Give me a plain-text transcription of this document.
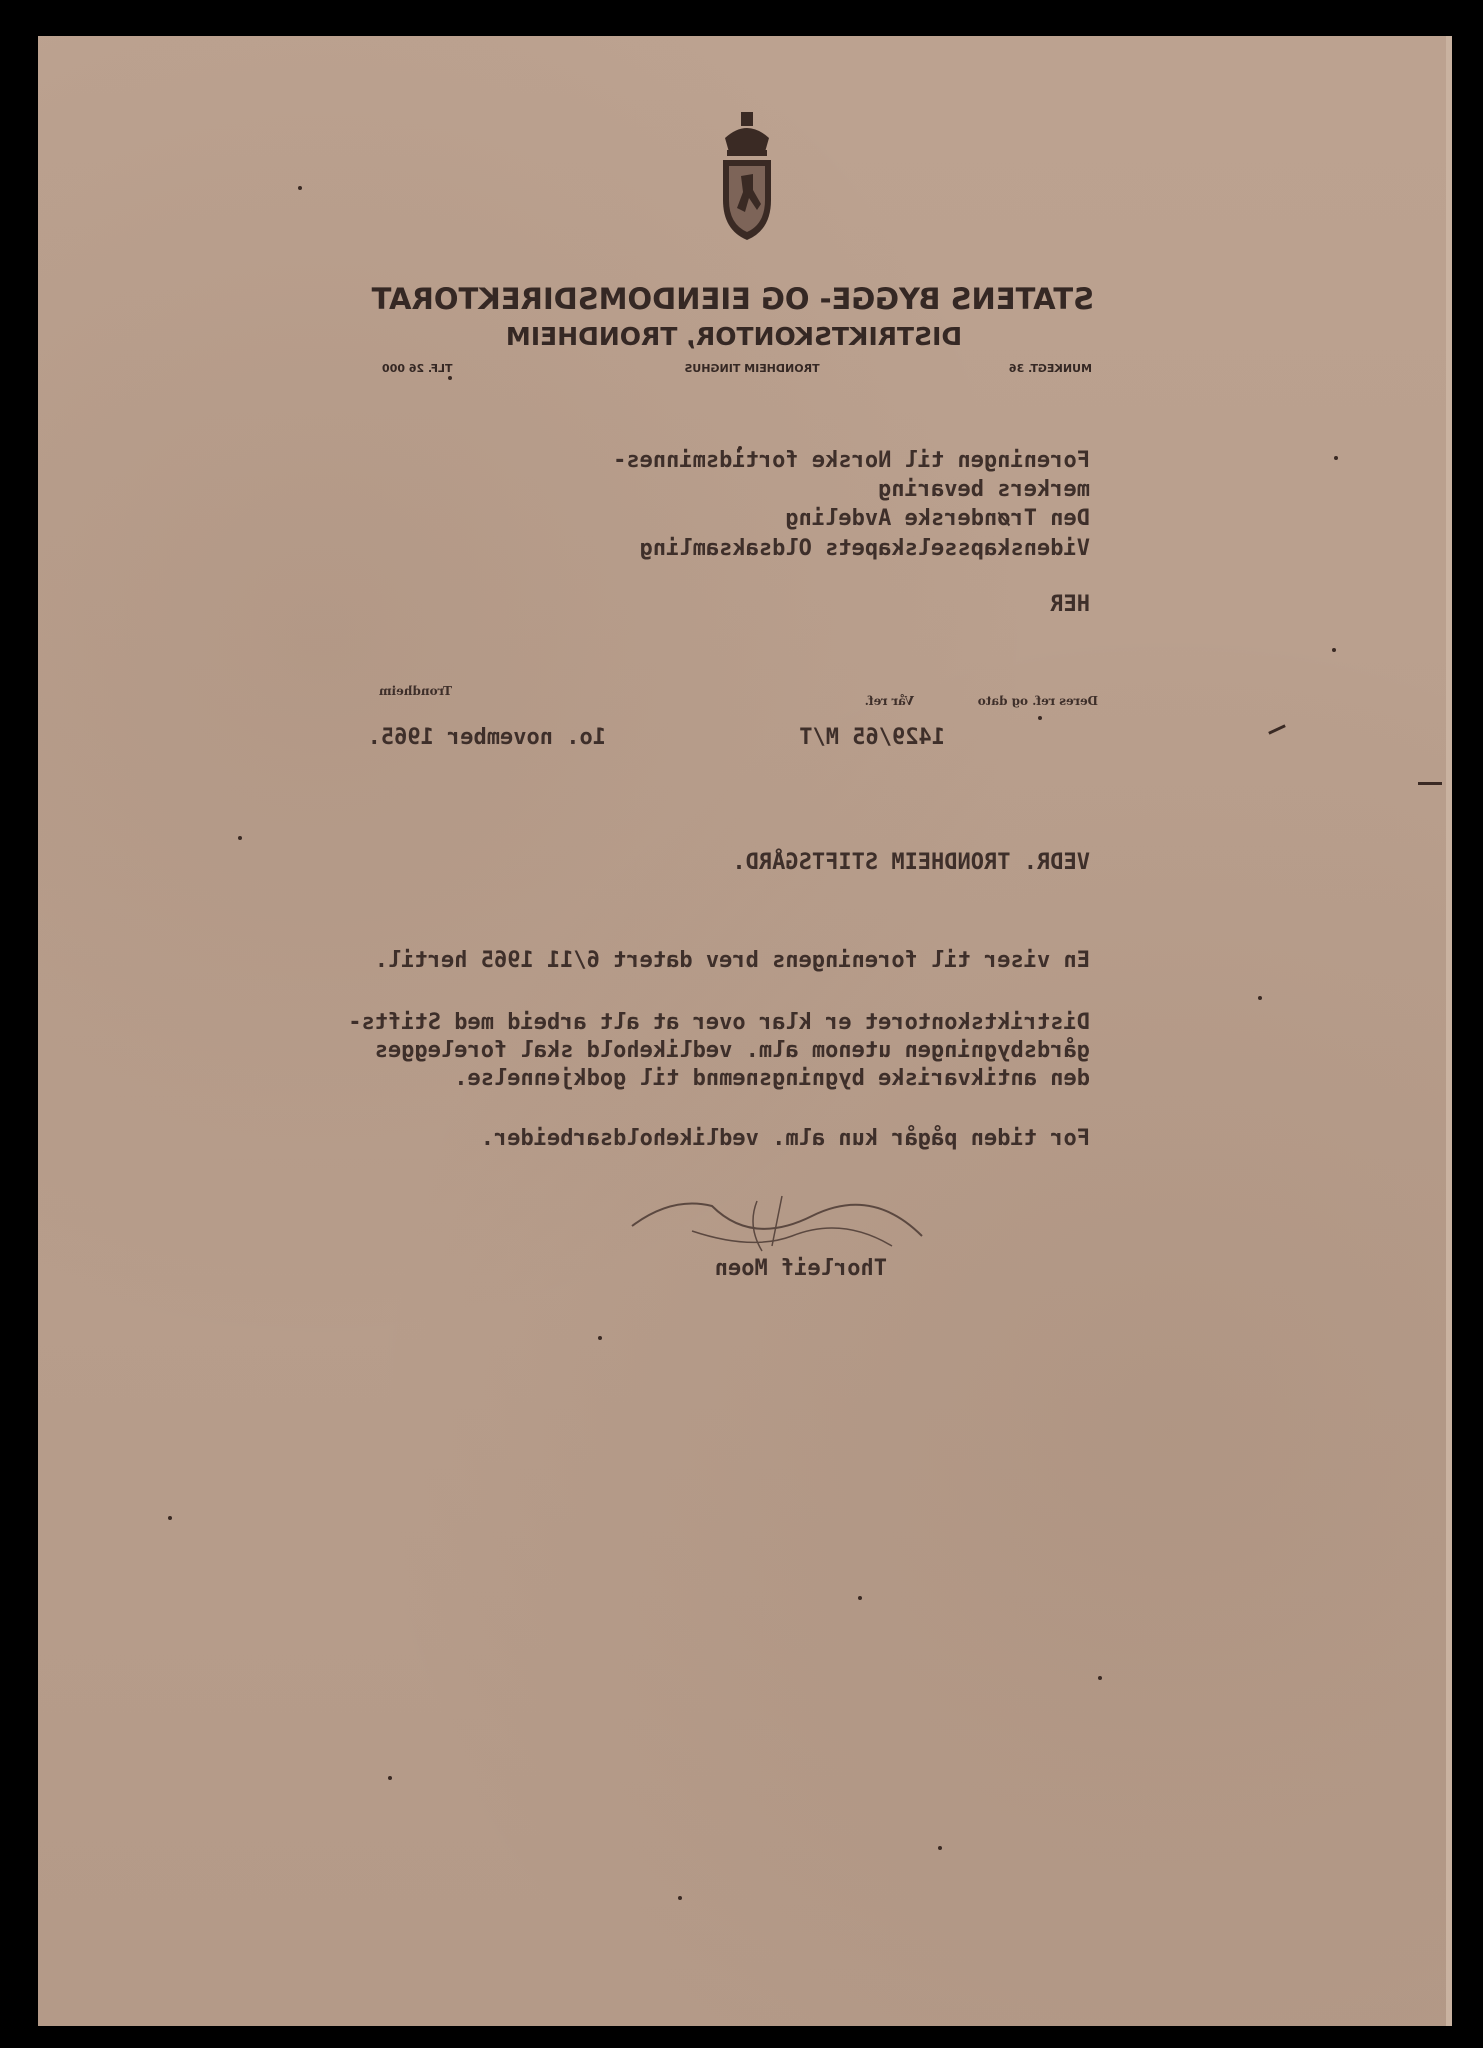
STATENS BYGGE- OG EIENDOMSDIREKTORAT
DISTRIKTSKONTOR, TRONDHEIM
MUNKEGT. 36
TRONDHEIM TINGHUS
TLF. 26 000
Foreningen til Norske fortidsminnes-
merkers bevaring
Den Trønderske Avdeling
Videnskapsselskapets Oldsaksamling
HER
Deres ref. og dato
Vår ref.
Trondheim
1429/65 M/T
1o. november 1965.
VEDR. TRONDHEIM STIFTSGÅRD.
En viser til foreningens brev datert 6/11 1965 hertil.
Distriktskontoret er klar over at alt arbeid med Stifts-
gårdsbygningen utenom alm. vedlikehold skal forelegges
den antikvariske bygningsnemnd til godkjennelse.
For tiden pågår kun alm. vedlikeholdsarbeider.
Thorleif Moen
